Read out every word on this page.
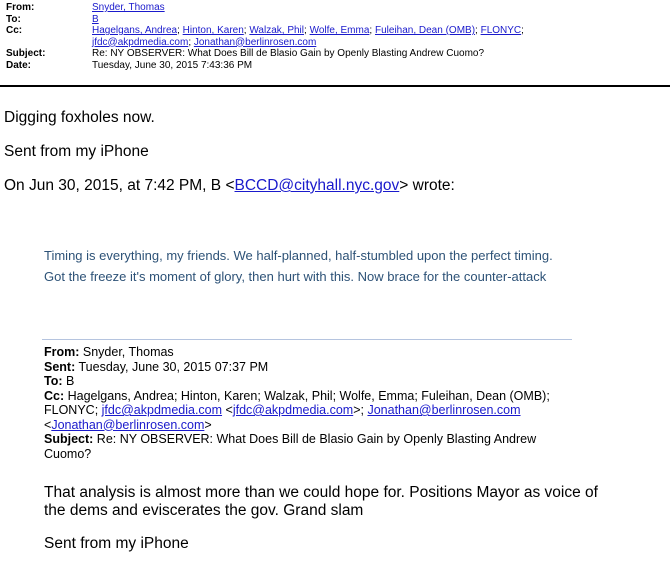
From:	Snyder, Thomas
To:	B
Cc:	Hagelgans, Andrea; Hinton, Karen; Walzak, Phil; Wolfe, Emma; Fuleihan, Dean (OMB); FLONYC;
jfdc@akpdmedia.com; Jonathan@berlinrosen.com
Subject:	Re: NY OBSERVER: What Does Bill de Blasio Gain by Openly Blasting Andrew Cuomo?
Date:	Tuesday, June 30, 2015 7:43:36 PM
Digging foxholes now.
Sent from my iPhone
On Jun 30, 2015, at 7:42 PM, B <BCCD@cityhall.nyc.gov> wrote:
Timing is everything, my friends. We half-planned, half-stumbled upon the perfect timing. Got the freeze it's moment of glory, then hurt with this. Now brace for the counter-attack
From: Snyder, Thomas
Sent: Tuesday, June 30, 2015 07:37 PM
To: B
Cc: Hagelgans, Andrea; Hinton, Karen; Walzak, Phil; Wolfe, Emma; Fuleihan, Dean (OMB); FLONYC; jfdc@akpdmedia.com <jfdc@akpdmedia.com>; Jonathan@berlinrosen.com <Jonathan@berlinrosen.com>
Subject: Re: NY OBSERVER: What Does Bill de Blasio Gain by Openly Blasting Andrew Cuomo?
That analysis is almost more than we could hope for. Positions Mayor as voice of the dems and eviscerates the gov. Grand slam
Sent from my iPhone
